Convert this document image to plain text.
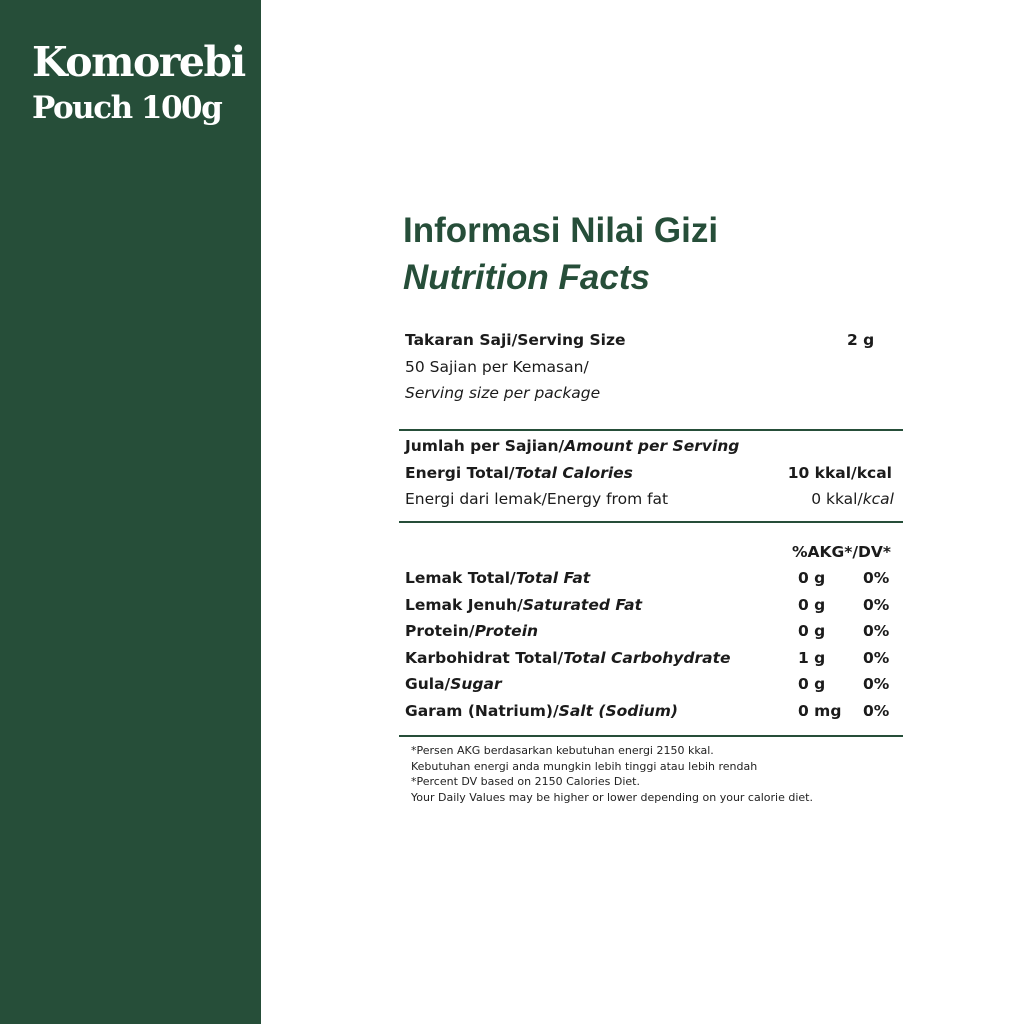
Komorebi
Pouch 100g
Informasi Nilai Gizi
Nutrition Facts
Takaran Saji/Serving Size	2 g
50 Sajian per Kemasan/
Serving size per package
Jumlah per Sajian/Amount per Serving
Energi Total/Total Calories	10 kkal/kcal
Energi dari lemak/Energy from fat	0 kkal/kcal
%AKG*/DV*
Lemak Total/Total Fat	0 g 0%
Lemak Jenuh/Saturated Fat	0 g 0%
Protein/Protein	0 g 0%
Karbohidrat Total/Total Carbohydrate	1 g 0%
Gula/Sugar	0 g 0%
Garam (Natrium)/Salt (Sodium)	0 mg 0%
*Persen AKG berdasarkan kebutuhan energi 2150 kkal.
Kebutuhan energi anda mungkin lebih tinggi atau lebih rendah
*Percent DV based on 2150 Calories Diet.
Your Daily Values may be higher or lower depending on your calorie diet.
